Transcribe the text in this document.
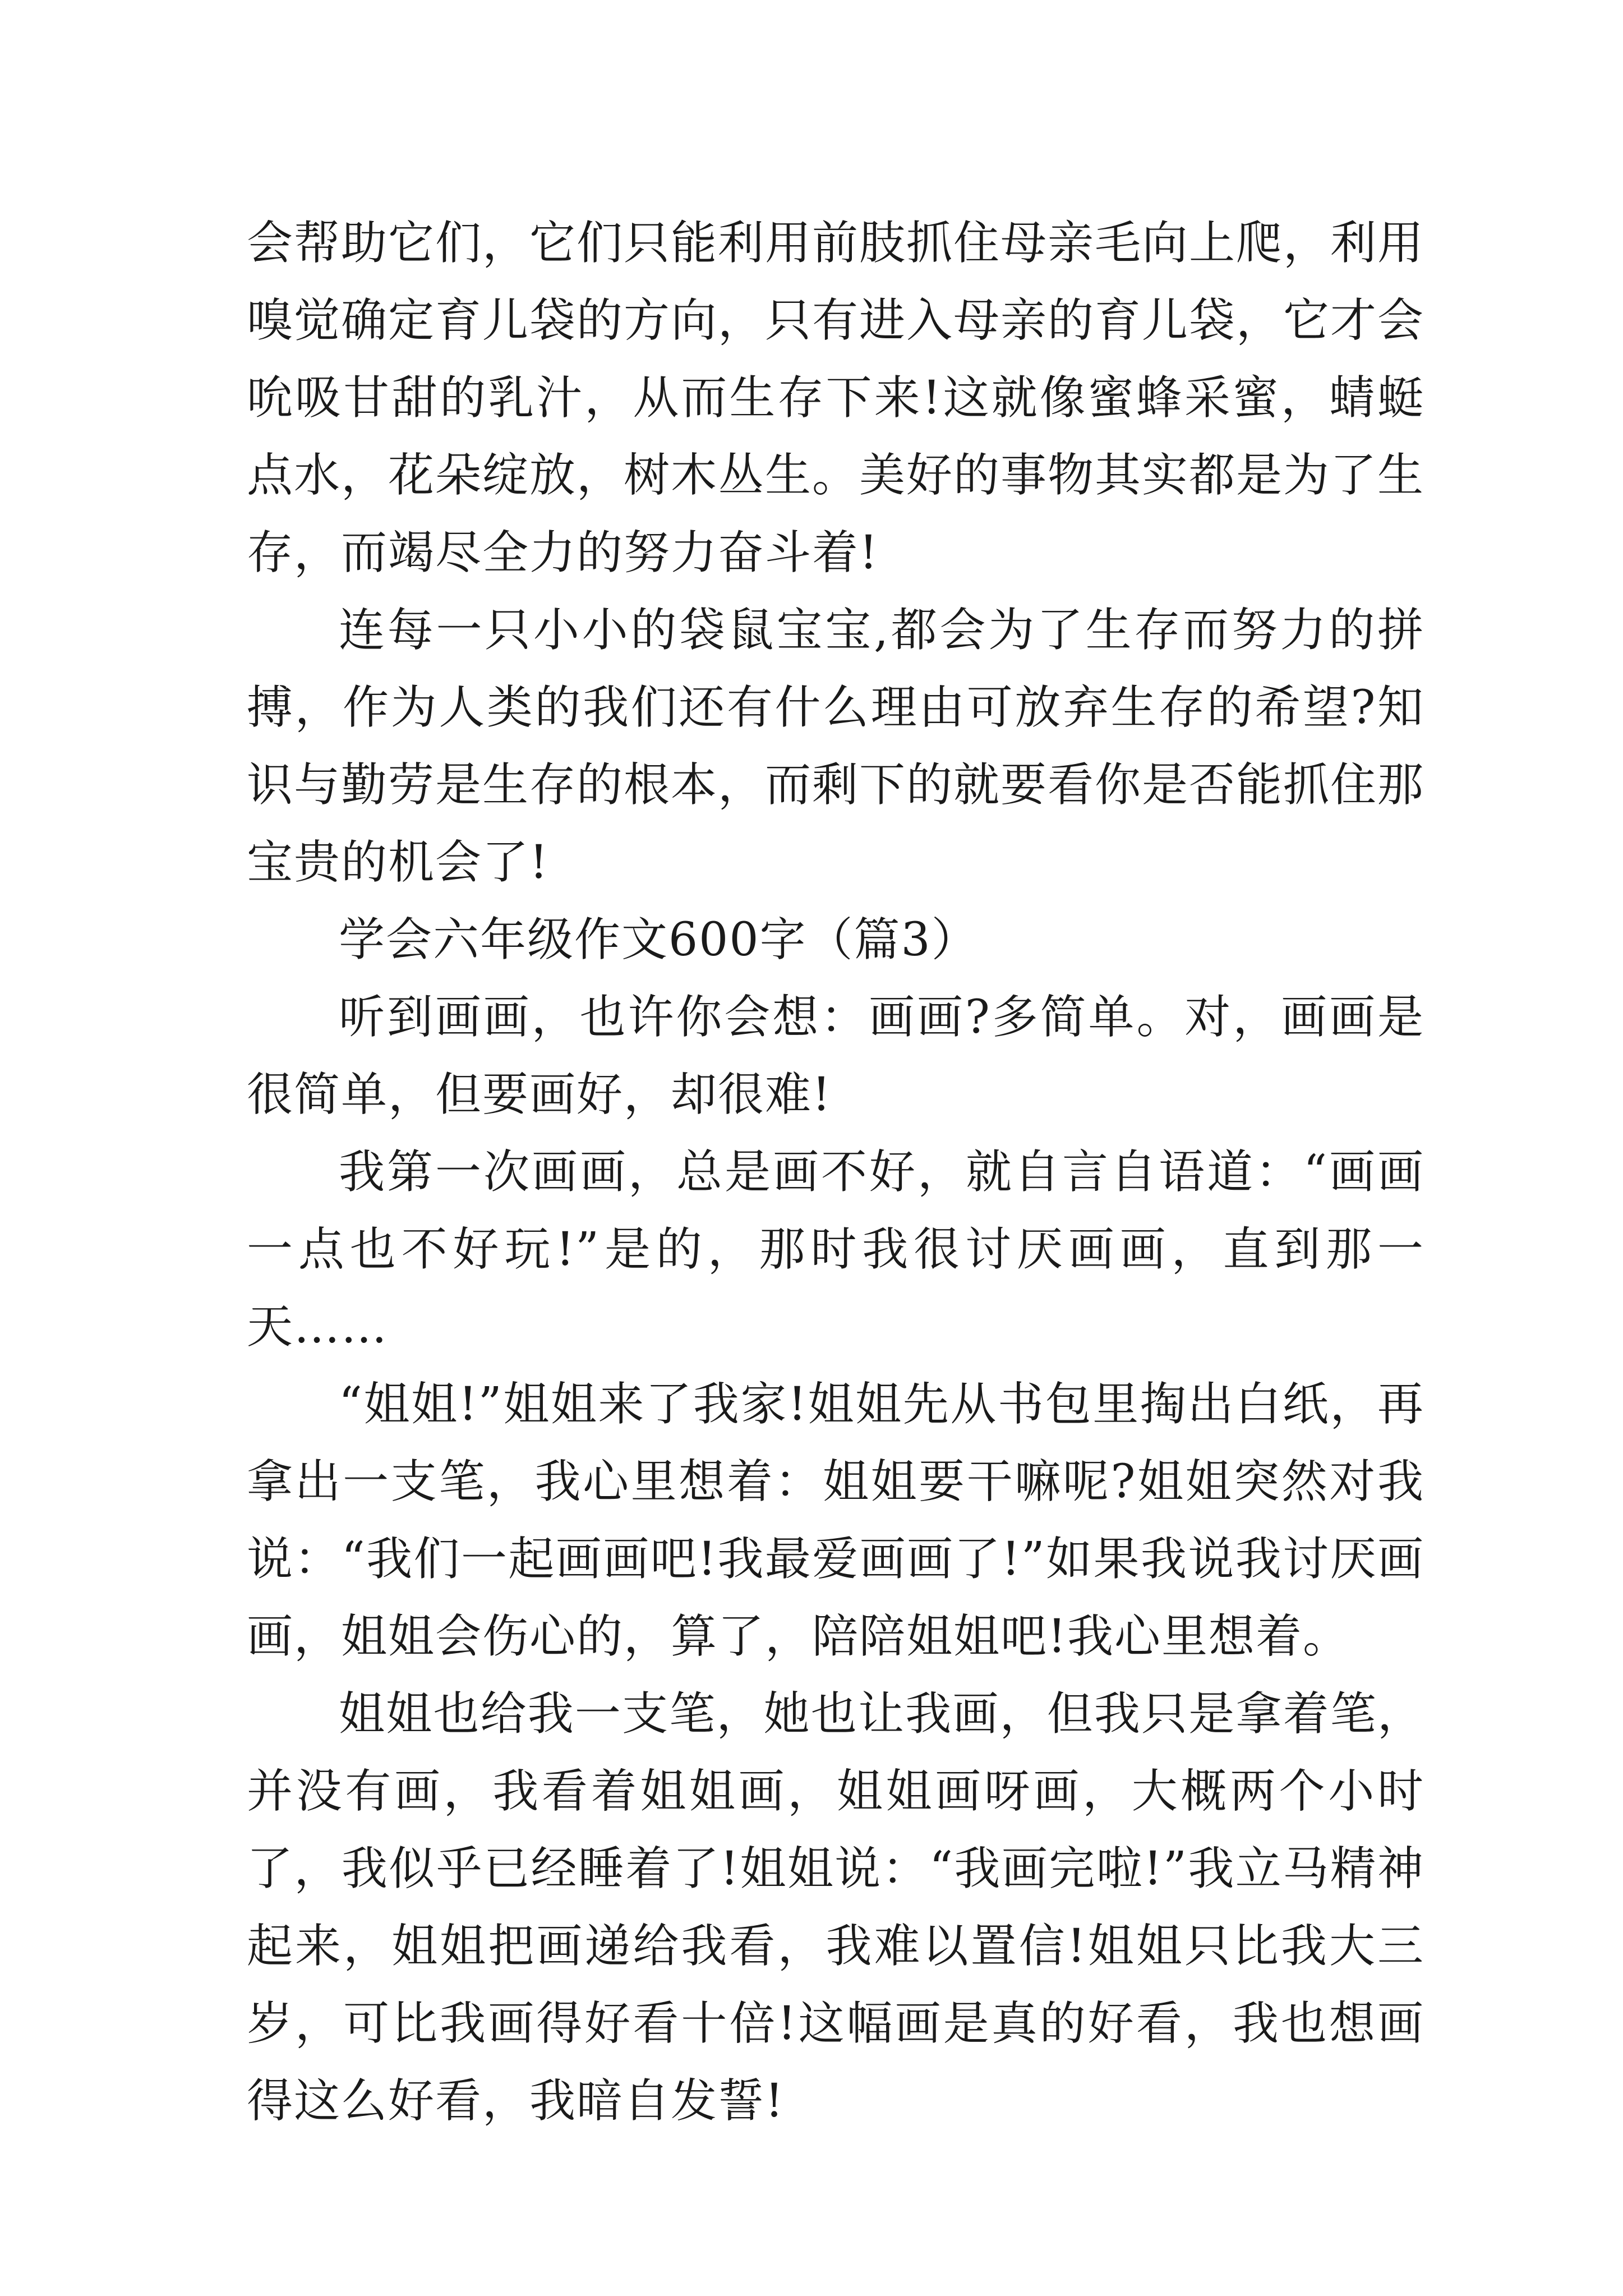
会帮助它们，它们只能利用前肢抓住母亲毛向上爬，利用嗅觉确定育儿袋的方向，只有进入母亲的育儿袋，它才会吮吸甘甜的乳汁，从而生存下来!这就像蜜蜂采蜜，蜻蜓点水，花朵绽放，树木丛生。美好的事物其实都是为了生存，而竭尽全力的努力奋斗着!

连每一只小小的袋鼠宝宝,都会为了生存而努力的拼搏，作为人类的我们还有什么理由可放弃生存的希望?知识与勤劳是生存的根本，而剩下的就要看你是否能抓住那宝贵的机会了!

学会六年级作文600字（篇3）

听到画画，也许你会想：画画?多简单。对，画画是很简单，但要画好，却很难!

我第一次画画，总是画不好，就自言自语道：“画画一点也不好玩!”是的，那时我很讨厌画画，直到那一天……

“姐姐!”姐姐来了我家!姐姐先从书包里掏出白纸，再拿出一支笔，我心里想着：姐姐要干嘛呢?姐姐突然对我说：“我们一起画画吧!我最爱画画了!”如果我说我讨厌画画，姐姐会伤心的，算了，陪陪姐姐吧!我心里想着。

姐姐也给我一支笔，她也让我画，但我只是拿着笔，并没有画，我看着姐姐画，姐姐画呀画，大概两个小时了，我似乎已经睡着了!姐姐说：“我画完啦!”我立马精神起来，姐姐把画递给我看，我难以置信!姐姐只比我大三岁，可比我画得好看十倍!这幅画是真的好看，我也想画得这么好看，我暗自发誓!
